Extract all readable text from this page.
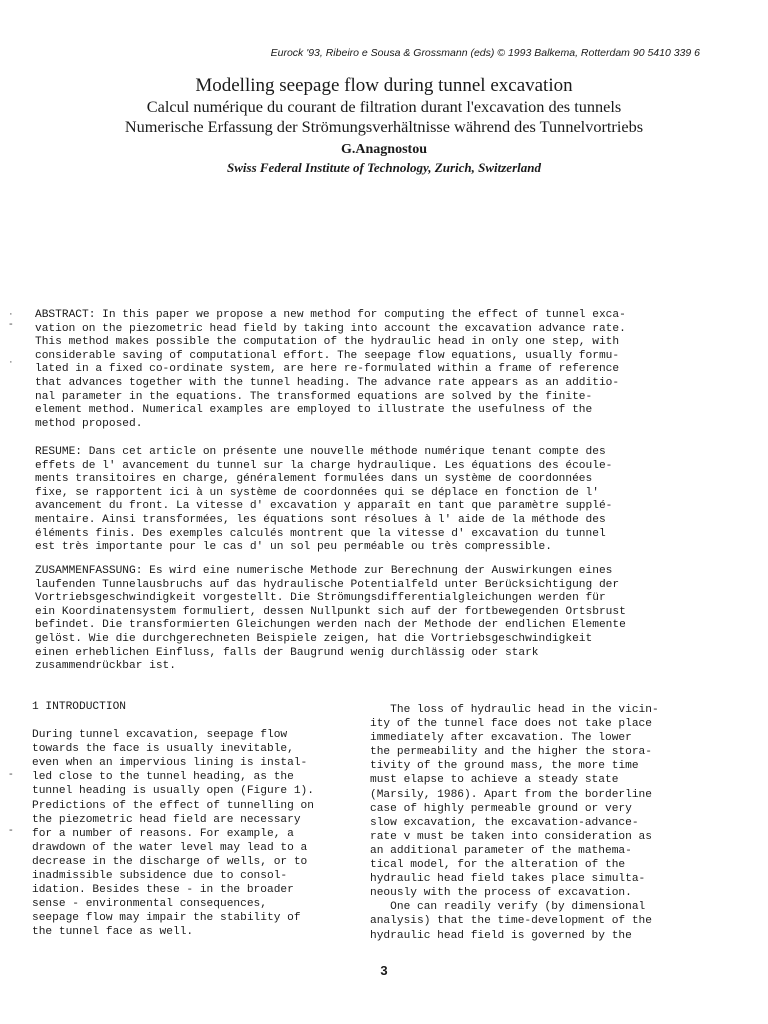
Eurock '93, Ribeiro e Sousa & Grossmann (eds) © 1993 Balkema, Rotterdam 90 5410 339 6
Modelling seepage flow during tunnel excavation
Calcul numérique du courant de filtration durant l'excavation des tunnels
Numerische Erfassung der Strömungsverhältnisse während des Tunnelvortriebs
G.Anagnostou
Swiss Federal Institute of Technology, Zurich, Switzerland

ABSTRACT: In this paper we propose a new method for computing the effect of tunnel exca-

vation on the piezometric head field by taking into account the excavation advance rate.

This method makes possible the computation of the hydraulic head in only one step, with

considerable saving of computational effort. The seepage flow equations, usually formu-

lated in a fixed co-ordinate system, are here re-formulated within a frame of reference

that advances together with the tunnel heading. The advance rate appears as an additio-

nal parameter in the equations. The transformed equations are solved by the finite-

element method. Numerical examples are employed to illustrate the usefulness of the

method proposed.

RESUME: Dans cet article on présente une nouvelle méthode numérique tenant compte des

effets de l' avancement du tunnel sur la charge hydraulique. Les équations des écoule-

ments transitoires en charge, généralement formulées dans un système de coordonnées

fixe, se rapportent ici à un système de coordonnées qui se déplace en fonction de l'

avancement du front. La vitesse d' excavation y apparaît en tant que paramètre supplé-

mentaire. Ainsi transformées, les équations sont résolues à l' aide de la méthode des

éléments finis. Des exemples calculés montrent que la vitesse d' excavation du tunnel

est très importante pour le cas d' un sol peu perméable ou très compressible.

ZUSAMMENFASSUNG: Es wird eine numerische Methode zur Berechnung der Auswirkungen eines

laufenden Tunnelausbruchs auf das hydraulische Potentialfeld unter Berücksichtigung der

Vortriebsgeschwindigkeit vorgestellt. Die Strömungsdifferentialgleichungen werden für

ein Koordinatensystem formuliert, dessen Nullpunkt sich auf der fortbewegenden Ortsbrust

befindet. Die transformierten Gleichungen werden nach der Methode der endlichen Elemente

gelöst. Wie die durchgerechneten Beispiele zeigen, hat die Vortriebsgeschwindigkeit

einen erheblichen Einfluss, falls der Baugrund wenig durchlässig oder stark

zusammendrückbar ist.

1 INTRODUCTION

During tunnel excavation, seepage flow

towards the face is usually inevitable,

even when an impervious lining is instal-

led close to the tunnel heading, as the

tunnel heading is usually open (Figure 1).

Predictions of the effect of tunnelling on

the piezometric head field are necessary

for a number of reasons. For example, a

drawdown of the water level may lead to a

decrease in the discharge of wells, or to

inadmissible subsidence due to consol-

idation. Besides these - in the broader

sense - environmental consequences,

seepage flow may impair the stability of

the tunnel face as well.

The loss of hydraulic head in the vicin-

ity of the tunnel face does not take place

immediately after excavation. The lower

the permeability and the higher the stora-

tivity of the ground mass, the more time

must elapse to achieve a steady state

(Marsily, 1986). Apart from the borderline

case of highly permeable ground or very

slow excavation, the excavation-advance-

rate v must be taken into consideration as

an additional parameter of the mathema-

tical model, for the alteration of the

hydraulic head field takes place simulta-

neously with the process of excavation.

One can readily verify (by dimensional

analysis) that the time-development of the

hydraulic head field is governed by the

·
-
·
-
-
3
